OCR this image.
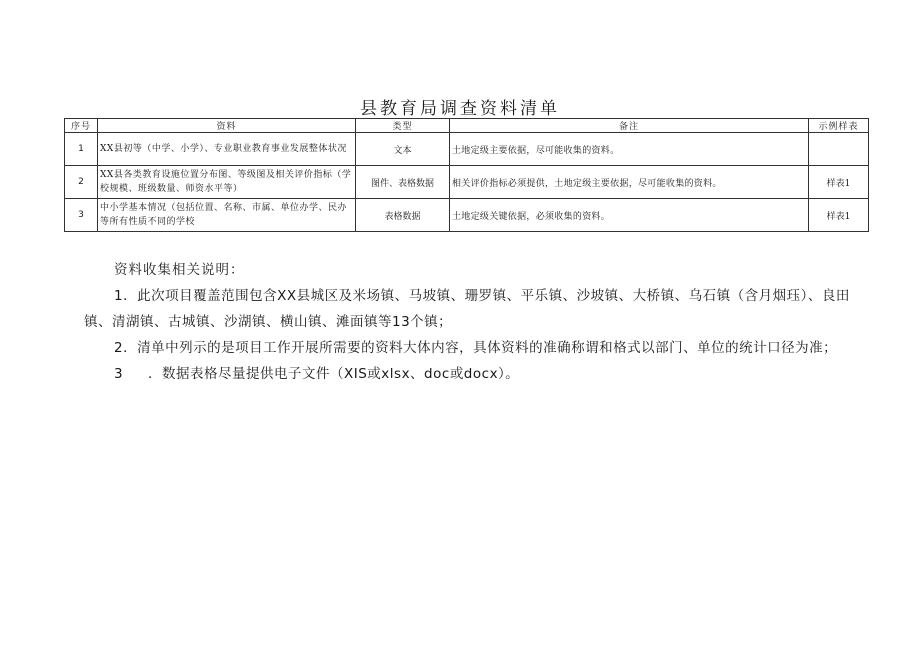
县教育局调查资料清单
序号	资料	类型	备注	示例样表
1	XX县初等（中学、小学）、专业职业教育事业发展整体状况	文本	土地定级主要依据，尽可能收集的资料。	
2	XX县各类教育设施位置分布图、等级图及相关评价指标（学校规模、班级数量、师资水平等）	图件、表格数据	相关评价指标必须提供，土地定级主要依据，尽可能收集的资料。	样表1
3	中小学基本情况（包括位置、名称、市属、单位办学、民办等所有性质不同的学校	表格数据	土地定级关键依据，必须收集的资料。	样表1
资料收集相关说明：
1．此次项目覆盖范围包含XX县城区及米场镇、马坡镇、珊罗镇、平乐镇、沙坡镇、大桥镇、乌石镇（含月烟珏）、良田镇、清湖镇、古城镇、沙湖镇、横山镇、滩面镇等13个镇；
2．清单中列示的是项目工作开展所需要的资料大体内容，具体资料的准确称谓和格式以部门、单位的统计口径为准；
3 ．数据表格尽量提供电子文件（XIS或xlsx、doc或docx）。
